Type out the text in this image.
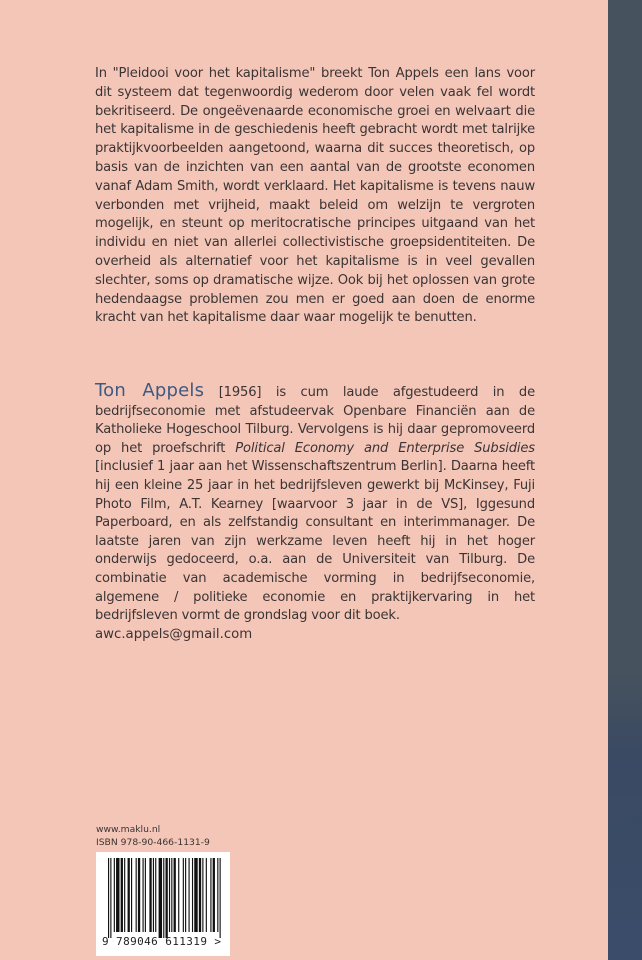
In "Pleidooi voor het kapitalisme" breekt Ton Appels een lans voor dit systeem dat tegenwoordig wederom door velen vaak fel wordt bekritiseerd. De ongeëvenaarde economische groei en welvaart die het kapitalisme in de geschiedenis heeft gebracht wordt met talrijke praktijkvoorbeelden aangetoond, waarna dit succes theoretisch, op basis van de inzichten van een aantal van de grootste economen vanaf Adam Smith, wordt verklaard. Het kapitalisme is tevens nauw verbonden met vrijheid, maakt beleid om welzijn te vergroten mogelijk, en steunt op meritocratische principes uitgaand van het individu en niet van allerlei collectivistische groepsidentiteiten. De overheid als alternatief voor het kapitalisme is in veel gevallen slechter, soms op dramatische wijze. Ook bij het oplossen van grote hedendaagse problemen zou men er goed aan doen de enorme kracht van het kapitalisme daar waar mogelijk te benutten.

Ton Appels [1956] is cum laude afgestudeerd in de bedrijfseconomie met afstudeervak Openbare Financiën aan de Katholieke Hogeschool Tilburg. Vervolgens is hij daar gepromoveerd op het proefschrift Political Economy and Enterprise Subsidies [inclusief 1 jaar aan het Wissenschaftszentrum Berlin]. Daarna heeft hij een kleine 25 jaar in het bedrijfsleven gewerkt bij McKinsey, Fuji Photo Film, A.T. Kearney [waarvoor 3 jaar in de VS], Iggesund Paperboard, en als zelfstandig consultant en interimmanager. De laatste jaren van zijn werkzame leven heeft hij in het hoger onderwijs gedoceerd, o.a. aan de Universiteit van Tilburg. De combinatie van academische vorming in bedrijfseconomie, algemene / politieke economie en praktijkervaring in het bedrijfsleven vormt de grondslag voor dit boek.

awc.appels@gmail.com

www.maklu.nl
ISBN 978-90-466-1131-9
9 789046 611319 >
